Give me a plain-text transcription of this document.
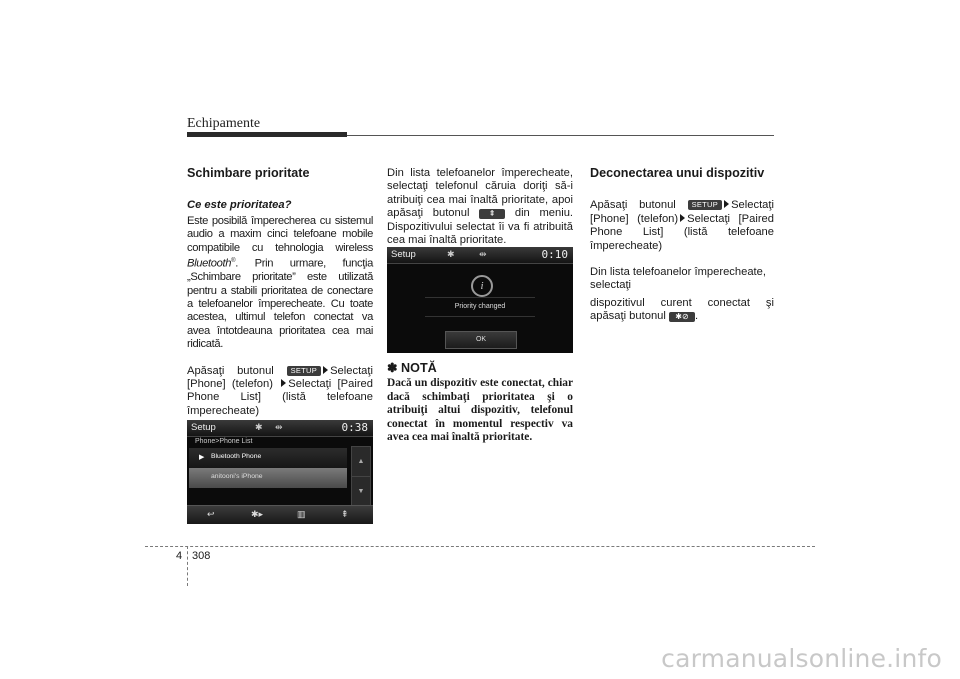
Echipamente

Schimbare prioritate

Ce este prioritatea?

Este posibilă împerecherea cu sistemul audio a maxim cinci telefoane mobile compatibile cu tehnologia wireless Bluetooth®. Prin urmare, funcţia „Schimbare prioritate” este utilizată pentru a stabili prioritatea de conectare a telefoanelor împerecheate. Cu toate acestea, ultimul telefon conectat va avea întotdeauna prioritatea cea mai ridicată.

Apăsaţi butonul SETUP Selectaţi [Phone] (telefon) Selectaţi [Paired Phone List] (listă telefoane împerecheate)

Setup	✱ ⇹	0:38
Phone>Phone List
▶ Bluetooth Phone
anitooni's iPhone
▲
▼
↩	✱▸	▥	⇞

Din lista telefoanelor împerecheate, selectaţi telefonul căruia doriţi să-i atribuiţi cea mai înaltă prioritate, apoi apăsaţi butonul ⇞ din meniu. Dispozitivului selectat îi va fi atribuită cea mai înaltă prioritate.

Setup	✱	⇹	0:10
i
Priority changed
OK

✽ NOTĂ

Dacă un dispozitiv este conectat, chiar dacă schimbaţi prioritatea şi o atribuiţi altui dispozitiv, telefonul conectat în momentul respectiv va avea cea mai înaltă prioritate.

Deconectarea unui dispozitiv

Apăsaţi butonul SETUP Selectaţi [Phone] (telefon) Selectaţi [Paired Phone List] (listă telefoane împerecheate)

Din lista telefoanelor împerecheate, selectaţi

dispozitivul curent conectat şi apăsaţi butonul ✱⊘ .

4 308
carmanualsonline.info
